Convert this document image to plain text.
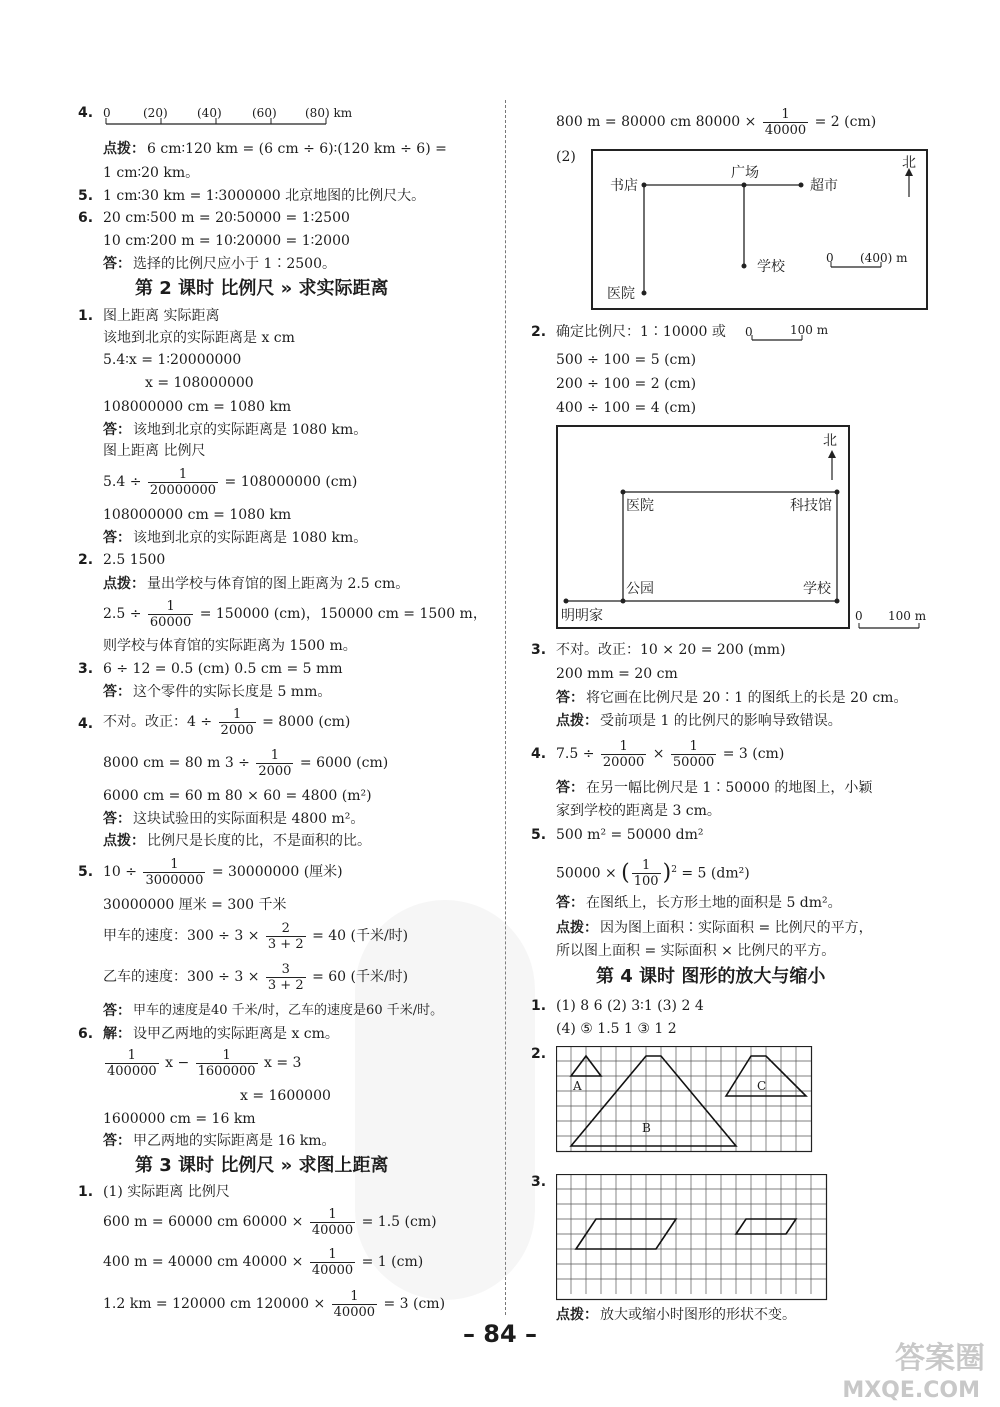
4. 0	(20) (40)	(60) (80) km
点拨： 6 cm∶120 km = (6 cm ÷ 6)∶(120 km ÷ 6) =
1 cm∶20 km。
5. 1 cm∶30 km = 1∶3000000 北京地图的比例尺大。
6. 20 cm∶500 m = 20∶50000 = 1∶2500
10 cm∶200 m = 10∶20000 = 1∶2000
答： 选择的比例尺应小于 1∶2500。
第 2 课时 比例尺 » 求实际距离
1. 图上距离 实际距离
该地到北京的实际距离是 x cm
5.4∶x = 1∶20000000
x = 108000000
108000000 cm = 1080 km
答： 该地到北京的实际距离是 1080 km。
图上距离 比例尺
$5.4 \div \frac{1}{20000000} = 108000000$ (cm)
108000000 cm = 1080 km
答： 该地到北京的实际距离是 1080 km。
2. 2.5 1500
点拨： 量出学校与体育馆的图上距离为 2.5 cm。
$2.5 \div \frac{1}{60000} = 150000$ (cm)，150000 cm = 1500 m，
则学校与体育馆的实际距离为 1500 m。
3. 6 ÷ 12 = 0.5 (cm) 0.5 cm = 5 mm
答： 这个零件的实际长度是 5 mm。
4. 不对。改正：$4 \div \frac{1}{2000} = 8000$ (cm)
8000 cm = 80 m $3 \div \frac{1}{2000} = 6000$ (cm)
6000 cm = 60 m 80 × 60 = 4800 (m²)
答： 这块试验田的实际面积是 4800 m²。
点拨： 比例尺是长度的比，不是面积的比。
5. $10 \div \frac{1}{3000000} = 30000000$ (厘米)
30000000 厘米 = 300 千米
甲车的速度：$300 \div 3 \times \frac{2}{3 + 2} = 40$ (千米/时)
乙车的速度：$300 \div 3 \times \frac{3}{3 + 2} = 60$ (千米/时)
答： 甲车的速度是40 千米/时，乙车的速度是60 千米/时。
6. 解： 设甲乙两地的实际距离是 x cm。
$\frac{1}{400000}$ $x - \frac{1}{1600000}$ x = 3
x = 1600000
1600000 cm = 16 km
答： 甲乙两地的实际距离是 16 km。
第 3 课时 比例尺 » 求图上距离
1. (1) 实际距离 比例尺
600 m = 60000 cm $60000 \times \frac{1}{40000} = 1.5$ (cm)
400 m = 40000 cm $40000 \times \frac{1}{40000} = 1$ (cm)
1.2 km = 120000 cm $120000 \times \frac{1}{40000} = 3$ (cm)
800 m = 80000 cm $80000 \times \frac{1}{40000} = 2$ (cm)
(2)
书店
广场
超市
学校
医院
北
0 (400) m
2. 确定比例尺：1∶10000 或 0	100 m
500 ÷ 100 = 5 (cm)
200 ÷ 100 = 2 (cm)
400 ÷ 100 = 4 (cm)
北
医院	科技馆
公园	学校
明明家	0 100 m
3. 不对。改正：10 × 20 = 200 (mm)
200 mm = 20 cm
答： 将它画在比例尺是 20∶1 的图纸上的长是 20 cm。
点拨： 受前项是 1 的比例尺的影响导致错误。
4. $7.5 \div \frac{1}{20000} \times \frac{1}{50000} = 3$ (cm)
答： 在另一幅比例尺是 1∶50000 的地图上，小颖
家到学校的距离是 3 cm。
5. 500 m² = 50000 dm²
50000 × ( $\frac{1}{100} )^2 = 5$ (dm²)
答： 在图纸上，长方形土地的面积是 5 dm²。
点拨： 因为图上面积∶实际面积 = 比例尺的平方，
所以图上面积 = 实际面积 × 比例尺的平方。
第 4 课时 图形的放大与缩小
1. (1) 8 6 (2) 3∶1 (3) 2 4
(4) ⑤ 1.5 1 ③ 1 2
2.
A
B
C
3.
点拨： 放大或缩小时图形的形状不变。
– 84 –
答案圈
MXQE.COM
